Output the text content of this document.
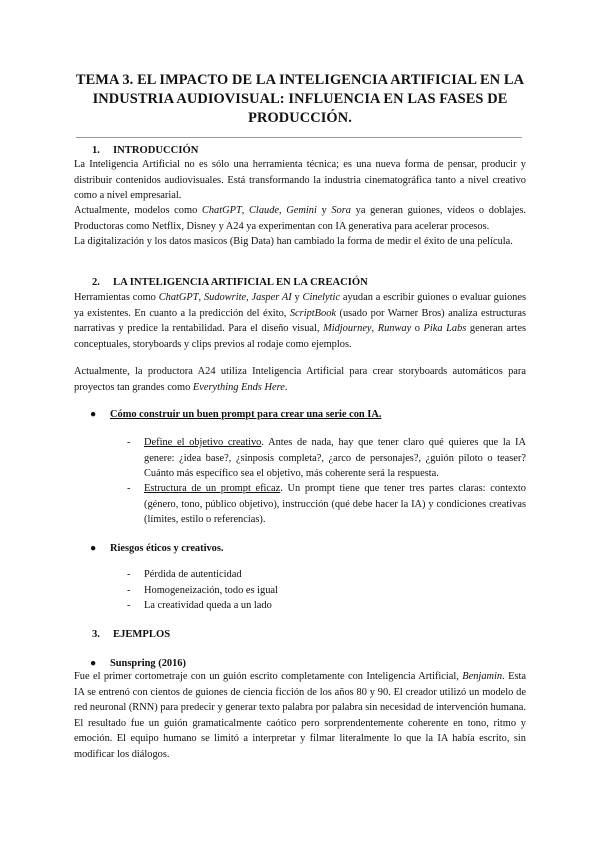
TEMA 3. EL IMPACTO DE LA INTELIGENCIA ARTIFICIAL EN LA INDUSTRIA AUDIOVISUAL: INFLUENCIA EN LAS FASES DE PRODUCCIÓN.
1. INTRODUCCIÓN
La Inteligencia Artificial no es sólo una herramienta técnica; es una nueva forma de pensar, producir y distribuir contenidos audiovisuales. Está transformando la industria cinematográfica tanto a nivel creativo como a nivel empresarial.
Actualmente, modelos como ChatGPT, Claude, Gemini y Sora ya generan guiones, vídeos o doblajes. Productoras como Netflix, Disney y A24 ya experimentan con IA generativa para acelerar procesos.
La digitalización y los datos masicos (Big Data) han cambiado la forma de medir el éxito de una película.
2. LA INTELIGENCIA ARTIFICIAL EN LA CREACIÓN
Herramientas como ChatGPT, Sudowrite, Jasper AI y Cinelytic ayudan a escribir guiones o evaluar guiones ya existentes. En cuanto a la predicción del éxito, ScriptBook (usado por Warner Bros) analiza estructuras narrativas y predice la rentabilidad. Para el diseño visual, Midjourney, Runway o Pika Labs generan artes conceptuales, storyboards y clips previos al rodaje como ejemplos.
Actualmente, la productora A24 utiliza Inteligencia Artificial para crear storyboards automáticos para proyectos tan grandes como Everything Ends Here.
● Cómo construir un buen prompt para crear una serie con IA.
- Define el objetivo creativo. Antes de nada, hay que tener claro qué quieres que la IA genere: ¿idea base?, ¿sinposis completa?, ¿arco de personajes?, ¿guión piloto o teaser? Cuánto más específico sea el objetivo, más coherente será la respuesta.
- Estructura de un prompt eficaz. Un prompt tiene que tener tres partes claras: contexto (género, tono, público objetivo), instrucción (qué debe hacer la IA) y condiciones creativas (límites, estilo o referencias).
● Riesgos éticos y creativos.
- Pérdida de autenticidad
- Homogeneización, todo es igual
- La creatividad queda a un lado
3. EJEMPLOS
● Sunspring (2016)
Fue el primer cortometraje con un guión escrito completamente con Inteligencia Artificial, Benjamin. Esta IA se entrenó con cientos de guiones de ciencia ficción de los años 80 y 90. El creador utilizó un modelo de red neuronal (RNN) para predecir y generar texto palabra por palabra sin necesidad de intervención humana. El resultado fue un guión gramaticalmente caótico pero sorprendentemente coherente en tono, ritmo y emoción. El equipo humano se limitó a interpretar y filmar literalmente lo que la IA había escrito, sin modificar los diálogos.
